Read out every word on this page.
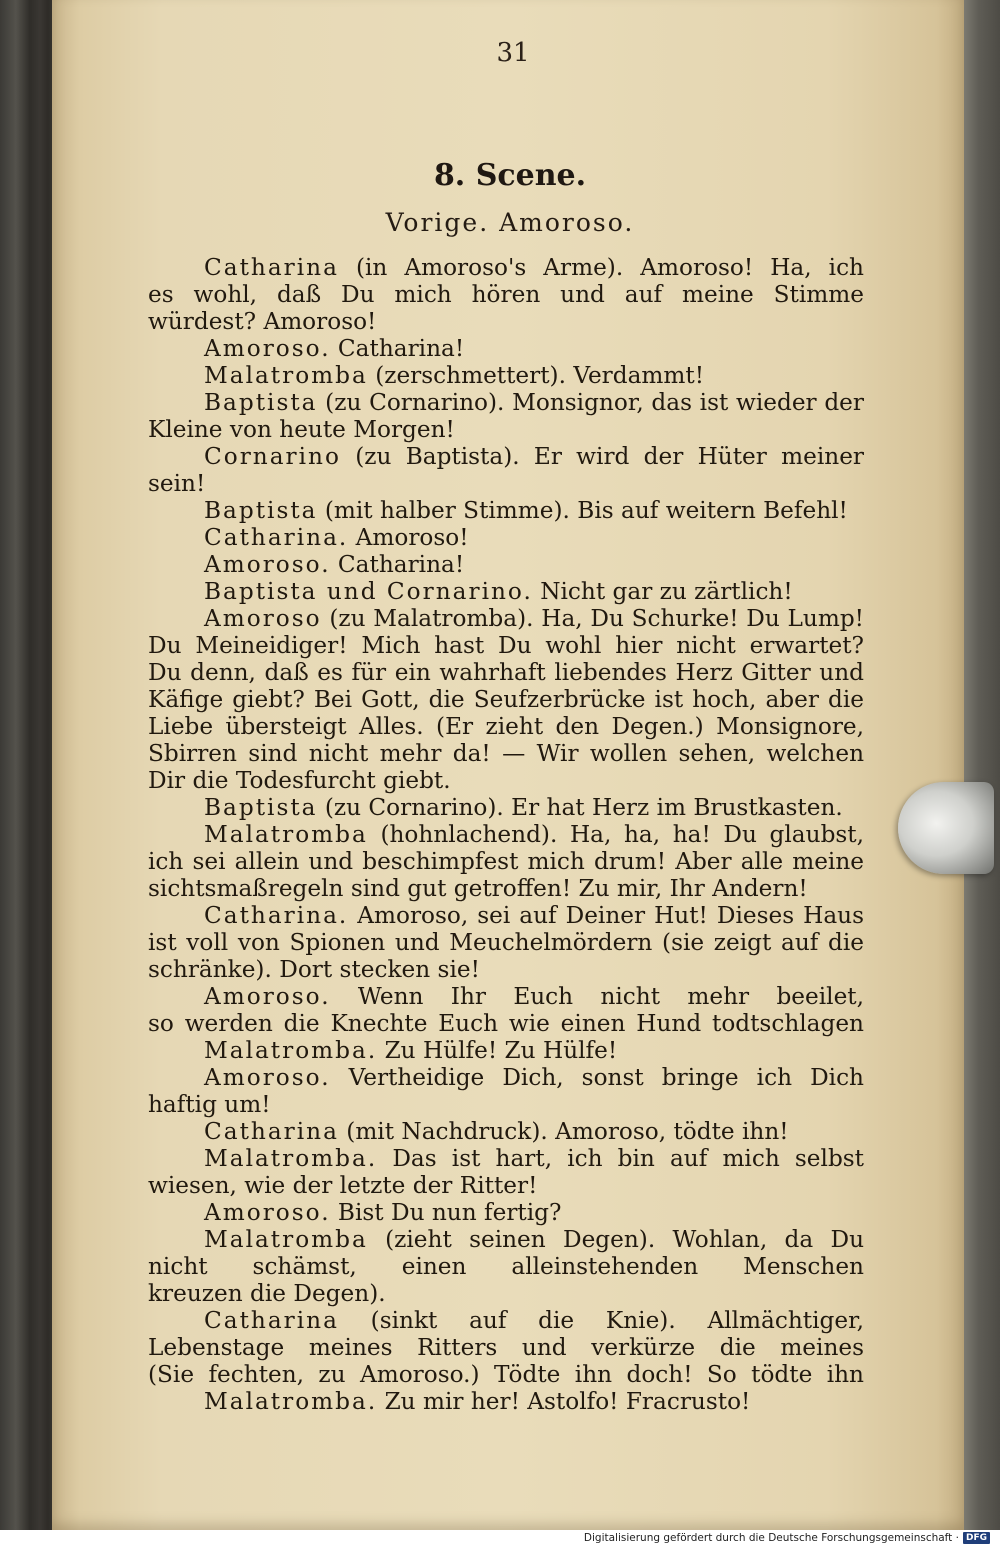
31
8. Scene.
Vorige. Amoroso.
Catharina (in Amoroso's Arme). Amoroso! Ha, ich
es wohl, daß Du mich hören und auf meine Stimme
würdest? Amoroso!
Amoroso. Catharina!
Malatromba (zerschmettert). Verdammt!
Baptista (zu Cornarino). Monsignor, das ist wieder der
Kleine von heute Morgen!
Cornarino (zu Baptista). Er wird der Hüter meiner
sein!
Baptista (mit halber Stimme). Bis auf weitern Befehl!
Catharina. Amoroso!
Amoroso. Catharina!
Baptista und Cornarino. Nicht gar zu zärtlich!
Amoroso (zu Malatromba). Ha, Du Schurke! Du Lump!
Du Meineidiger! Mich hast Du wohl hier nicht erwartet?
Du denn, daß es für ein wahrhaft liebendes Herz Gitter und
Käfige giebt? Bei Gott, die Seufzerbrücke ist hoch, aber die
Liebe übersteigt Alles. (Er zieht den Degen.) Monsignore,
Sbirren sind nicht mehr da! — Wir wollen sehen, welchen
Dir die Todesfurcht giebt.
Baptista (zu Cornarino). Er hat Herz im Brustkasten.
Malatromba (hohnlachend). Ha, ha, ha! Du glaubst,
ich sei allein und beschimpfest mich drum! Aber alle meine
sichtsmaßregeln sind gut getroffen! Zu mir, Ihr Andern!
Catharina. Amoroso, sei auf Deiner Hut! Dieses Haus
ist voll von Spionen und Meuchelmördern (sie zeigt auf die
schränke). Dort stecken sie!
Amoroso. Wenn Ihr Euch nicht mehr beeilet,
so werden die Knechte Euch wie einen Hund todtschlagen
Malatromba. Zu Hülfe! Zu Hülfe!
Amoroso. Vertheidige Dich, sonst bringe ich Dich
haftig um!
Catharina (mit Nachdruck). Amoroso, tödte ihn!
Malatromba. Das ist hart, ich bin auf mich selbst
wiesen, wie der letzte der Ritter!
Amoroso. Bist Du nun fertig?
Malatromba (zieht seinen Degen). Wohlan, da Du
nicht schämst, einen alleinstehenden Menschen
kreuzen die Degen).
Catharina (sinkt auf die Knie). Allmächtiger,
Lebenstage meines Ritters und verkürze die meines
(Sie fechten, zu Amoroso.) Tödte ihn doch! So tödte ihn
Malatromba. Zu mir her! Astolfo! Fracrusto!
Digitalisierung gefördert durch die Deutsche Forschungsgemeinschaft · DFG
